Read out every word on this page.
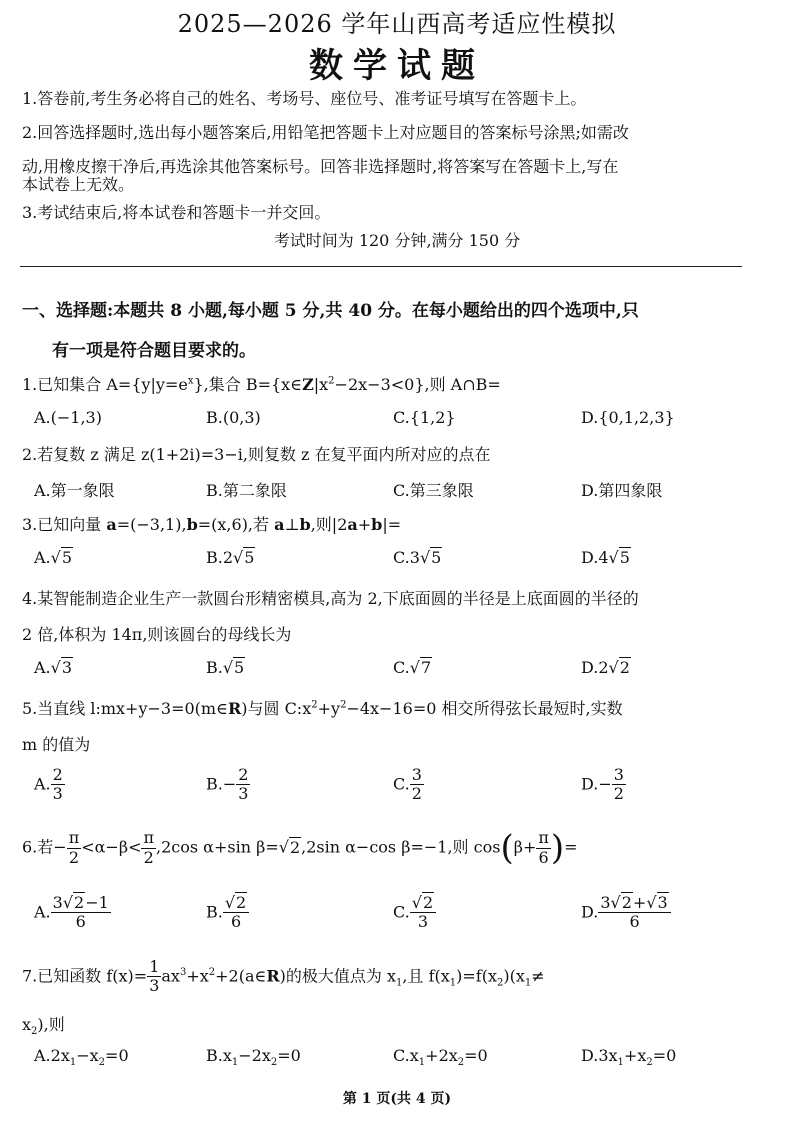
2025—2026 学年山西高考适应性模拟
数学试题
1.答卷前,考生务必将自己的姓名、考场号、座位号、准考证号填写在答题卡上。
2.回答选择题时,选出每小题答案后,用铅笔把答题卡上对应题目的答案标号涂黑;如需改
动,用橡皮擦干净后,再选涂其他答案标号。回答非选择题时,将答案写在答题卡上,写在
本试卷上无效。
3.考试结束后,将本试卷和答题卡一并交回。
考试时间为 120 分钟,满分 150 分
一、选择题:本题共 8 小题,每小题 5 分,共 40 分。在每小题给出的四个选项中,只
有一项是符合题目要求的。
1.已知集合 $A=\{y|y=e^x\}$,集合 $B=\{x\in Z|x^2-2x-3<0\}$,则 A∩B=
A.(−1,3)	B.(0,3)	C.{1,2}	D.{0,1,2,3}
2.若复数 z 满足 z(1+2i)=3−i,则复数 z 在复平面内所对应的点在
A.第一象限	B.第二象限	C.第三象限	D.第四象限
3.已知向量 a=(−3,1),b=(x,6),若 a⊥b,则|2a+b|=
A.√5	B.2√5	C.3√5	D.4√5
4.某智能制造企业生产一款圆台形精密模具,高为 2,下底面圆的半径是上底面圆的半径的
2 倍,体积为 14π,则该圆台的母线长为
A.√3	B.√5	C.√7	D.2√2
5.当直线 l:mx+y−3=0(m∈R)与圆 $C:x^2+y^2-4x-16=0$ 相交所得弦长最短时,实数
m 的值为
A. $\frac{2}{3}$	$B.- \frac{2}{3}$	C. $\frac{3}{2}$	$D.- \frac{3}{2}$
6.若− $\frac{\pi}{2} <\alpha-\beta< \frac{\pi}{2} ,2\cos$ α+sin β=√2,2sin α−cos β=−1,则 $\cos(\beta+ \frac{\pi}{6}$ )=
A. $\frac{3√2-1}{6}$	B. $\frac{√2}{6}$	C. $\frac{√2}{3}$	D. $\frac{3√2+√3}{6}$
7.已知函数 $f(x)= \frac{1}{3}$ $ax^3+x^2+2(a\in R)$的极大值点为 $x_1$,且 $f(x_1)=f(x_2)(x_1\ne$
$x_2$),则
$A.2x_1-x_2=0$	$B.x_1-2x_2=0$	$C.x_1+2x_2=0$	$D.3x_1+x_2=0$
第 1 页(共 4 页)
